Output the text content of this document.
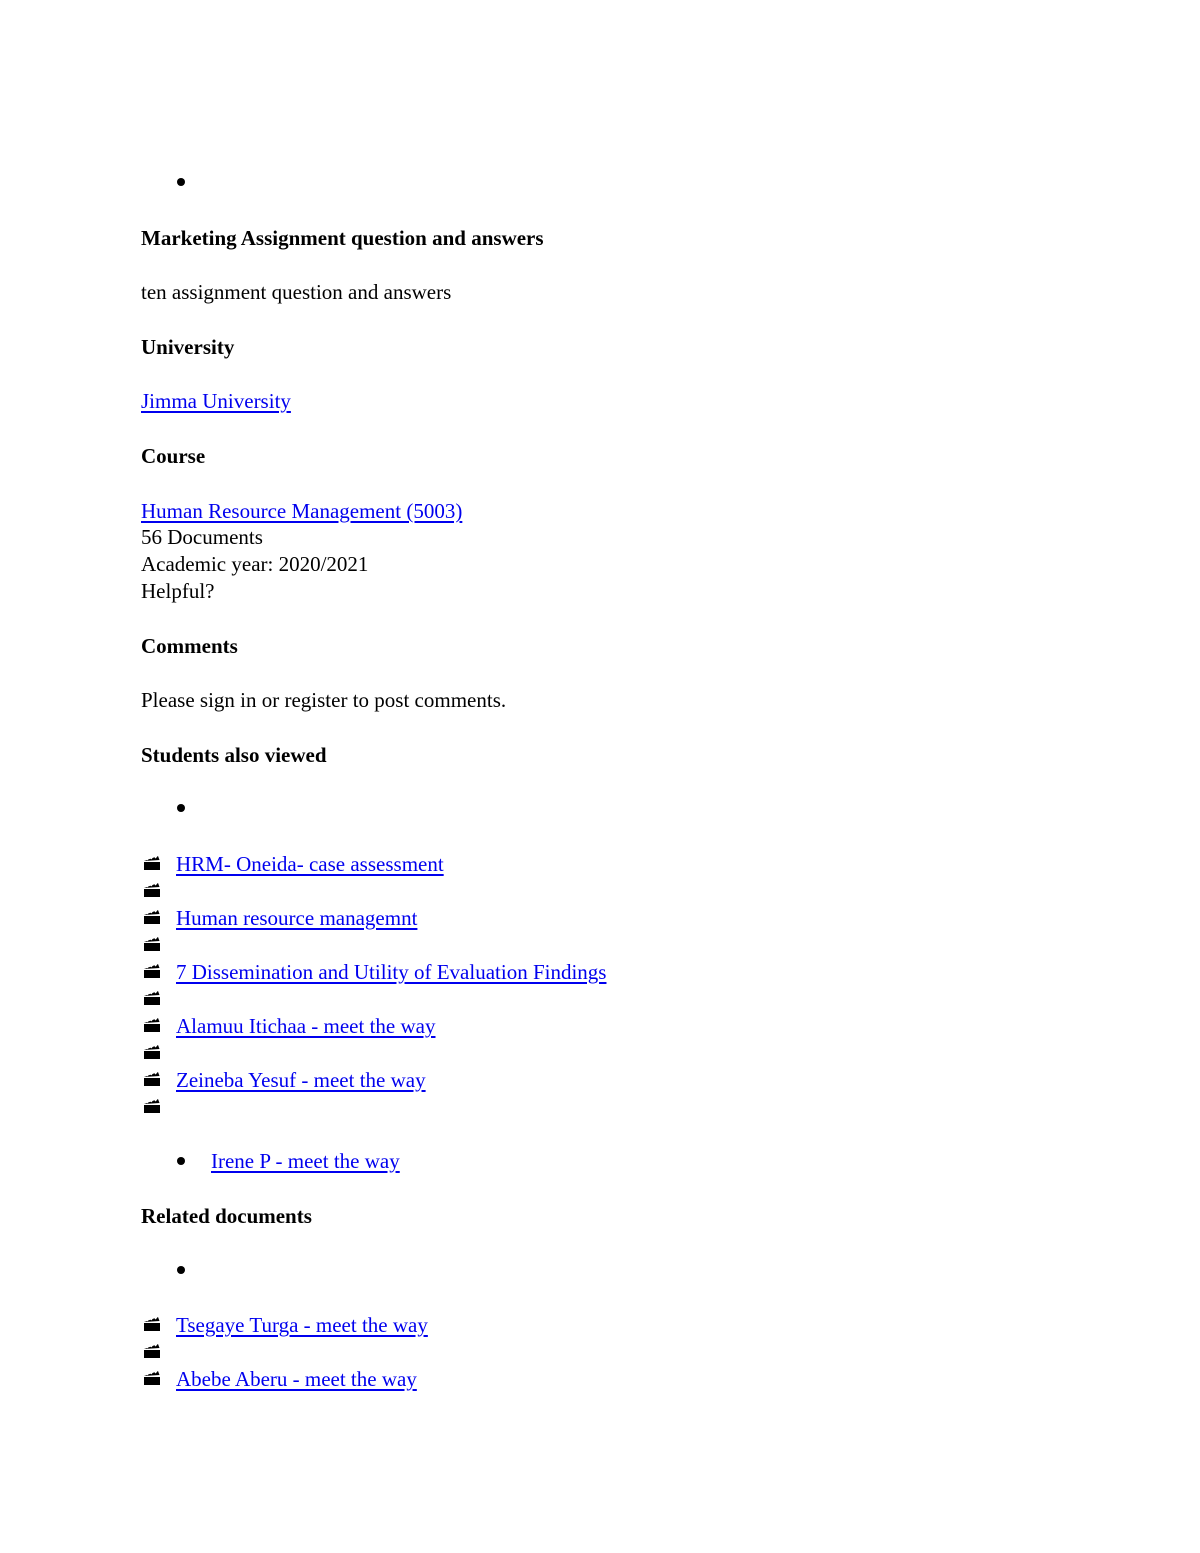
Marketing Assignment question and answers
ten assignment question and answers
University
Jimma University
Course
Human Resource Management (5003)
56 Documents
Academic year: 2020/2021
Helpful?
Comments
Please sign in or register to post comments.
Students also viewed
HRM- Oneida- case assessment
Human resource managemnt
7 Dissemination and Utility of Evaluation Findings
Alamuu Itichaa - meet the way
Zeineba Yesuf - meet the way
Irene P - meet the way
Related documents
Tsegaye Turga - meet the way
Abebe Aberu - meet the way
